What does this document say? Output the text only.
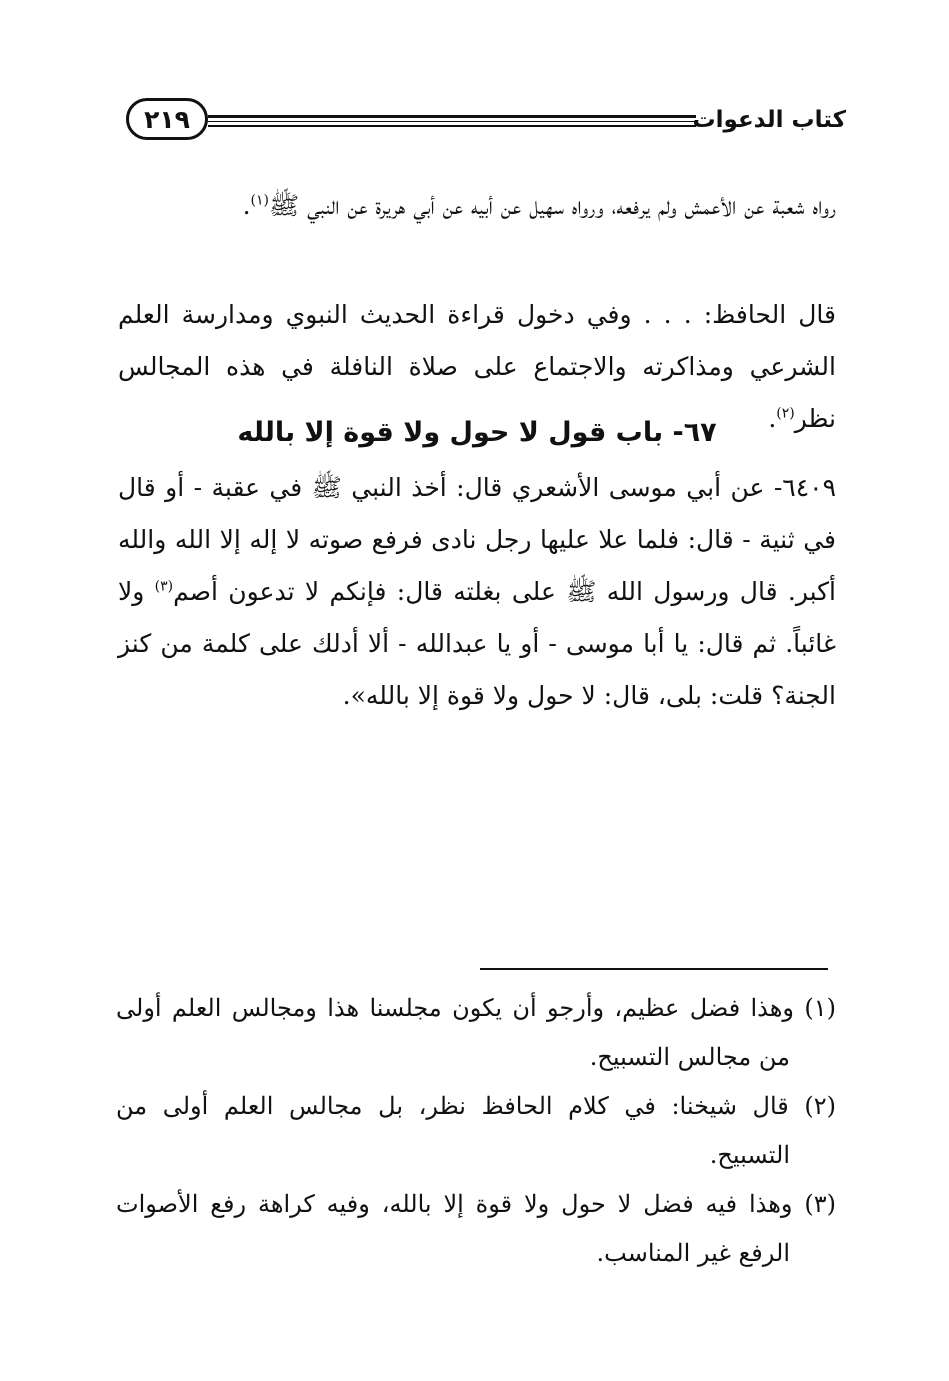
٢١٩	كتاب الدعوات

رواه شعبة عن الأعمش ولم يرفعه، ورواه سهيل عن أبيه عن أبي هريرة عن النبي ﷺ$^{(١)}$.

قال الحافظ: . . . وفي دخول قراءة الحديث النبوي ومدارسة العلم الشرعي ومذاكرته والاجتماع على صلاة النافلة في هذه المجالس نظر$^{(٢)}$.

٦٧- باب قول لا حول ولا قوة إلا بالله

٦٤٠٩- عن أبي موسى الأشعري قال: أخذ النبي ﷺ في عقبة - أو قال في ثنية - قال: فلما علا عليها رجل نادى فرفع صوته لا إله إلا الله والله أكبر. قال ورسول الله ﷺ على بغلته قال: فإنكم لا تدعون أصم$^{(٣)}$ ولا غائباً. ثم قال: يا أبا موسى - أو يا عبدالله - ألا أدلك على كلمة من كنز الجنة؟ قلت: بلى، قال: لا حول ولا قوة إلا بالله».

(١) وهذا فضل عظيم، وأرجو أن يكون مجلسنا هذا ومجالس العلم أولى من مجالس التسبيح.

(٢) قال شيخنا: في كلام الحافظ نظر، بل مجالس العلم أولى من التسبيح.

(٣) وهذا فيه فضل لا حول ولا قوة إلا بالله، وفيه كراهة رفع الأصوات الرفع غير المناسب.
